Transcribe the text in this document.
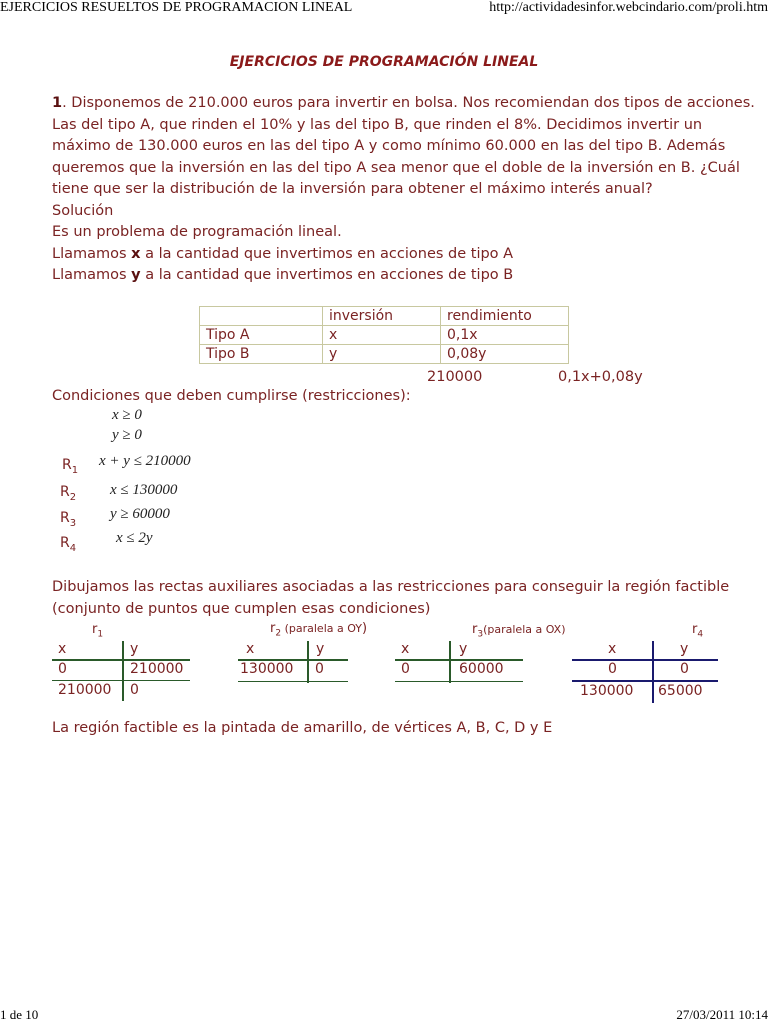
EJERCICIOS RESUELTOS DE PROGRAMACION LINEAL	http://actividadesinfor.webcindario.com/proli.htm
EJERCICIOS DE PROGRAMACIÓN LINEAL
1. Disponemos de 210.000 euros para invertir en bolsa. Nos recomiendan dos tipos de acciones.
Las del tipo A, que rinden el 10% y las del tipo B, que rinden el 8%. Decidimos invertir un
máximo de 130.000 euros en las del tipo A y como mínimo 60.000 en las del tipo B. Además
queremos que la inversión en las del tipo A sea menor que el doble de la inversión en B. ¿Cuál
tiene que ser la distribución de la inversión para obtener el máximo interés anual?
Solución
Es un problema de programación lineal.
Llamamos x a la cantidad que invertimos en acciones de tipo A
Llamamos y a la cantidad que invertimos en acciones de tipo B
	inversión	rendimiento
Tipo A	x	0,1x
Tipo B	y	0,08y
210000	0,1x+0,08y
Condiciones que deben cumplirse (restricciones):
x ≥ 0
y ≥ 0
$R_1$
x + y ≤ 210000
$R_2$ x ≤ 130000
$R_3$
y ≥ 60000
$R_4$
x ≤ 2y
Dibujamos las rectas auxiliares asociadas a las restricciones para conseguir la región factible
(conjunto de puntos que cumplen esas condiciones)
$r_1$	$r_2$ (paralela a OY)	$r_3(paralela$ a OX)	$r_4$
x	y
0	210000
210000 0
x	y
130000 0
x	y
0	60000
x	y
0	0
130000 65000
La región factible es la pintada de amarillo, de vértices A, B, C, D y E
1 de 10	27/03/2011 10:14
